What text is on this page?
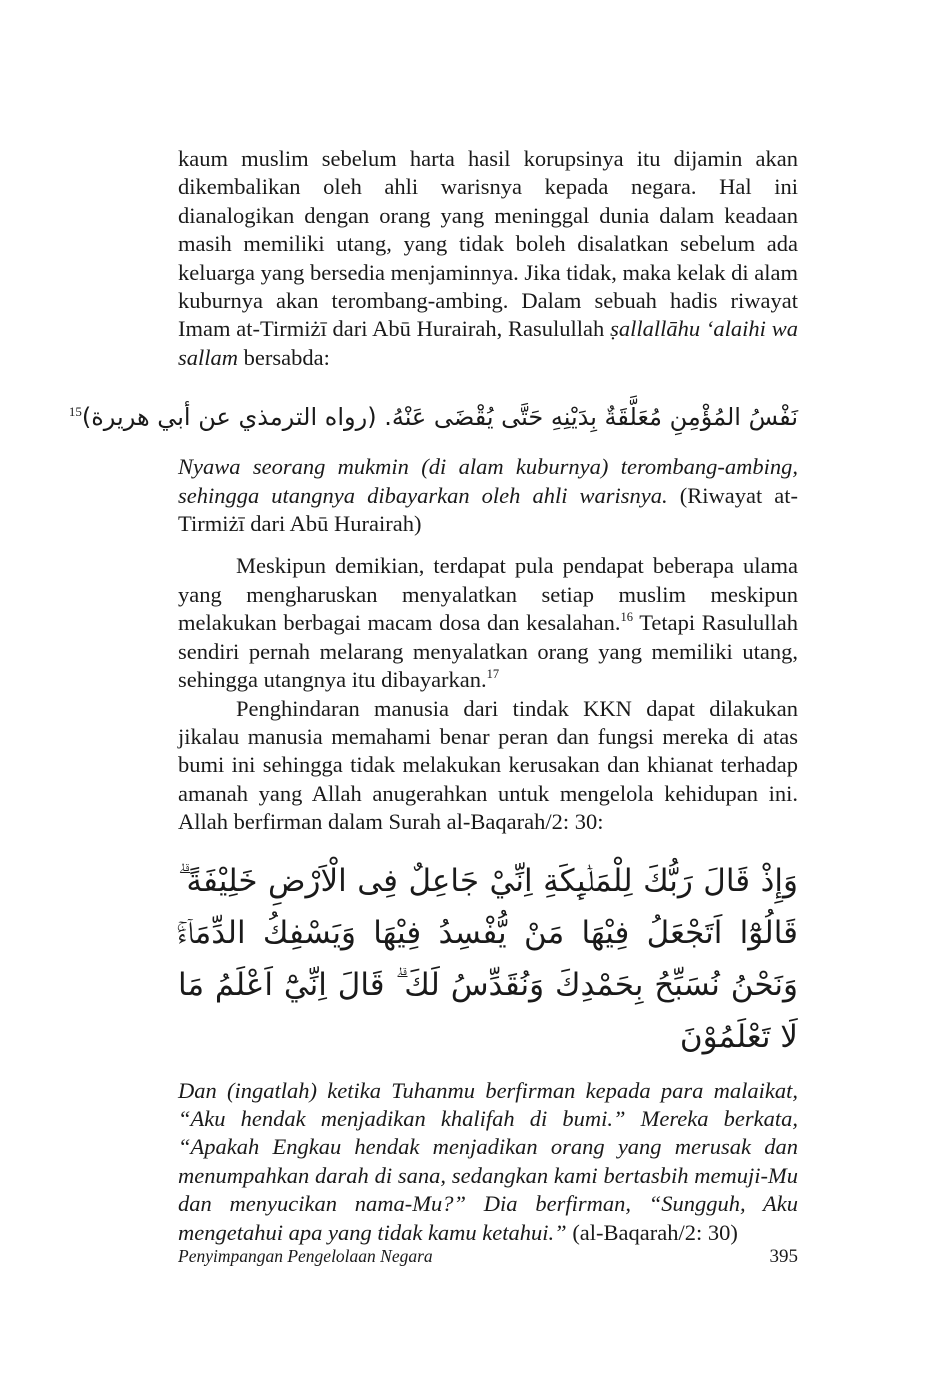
kaum muslim sebelum harta hasil korupsinya itu dijamin akan dikembalikan oleh ahli warisnya kepada negara. Hal ini dianalogikan dengan orang yang meninggal dunia dalam keadaan masih memiliki utang, yang tidak boleh disalatkan sebelum ada keluarga yang bersedia menjaminnya. Jika tidak, maka kelak di alam kuburnya akan terombang-ambing. Dalam sebuah hadis riwayat Imam at-Tirmiżī dari Abū Hurairah, Rasulullah ṣallallāhu ‘alaihi wa sallam bersabda:

نَفْسُ المُؤْمِنِ مُعَلَّقَةٌ بِدَيْنِهِ حَتَّى يُقْضَى عَنْهُ. (رواه الترمذي عن أبي هريرة)$^{15}$

Nyawa seorang mukmin (di alam kuburnya) terombang-ambing, sehingga utangnya dibayarkan oleh ahli warisnya. (Riwayat at-Tirmiżī dari Abū Hurairah)

Meskipun demikian, terdapat pula pendapat beberapa ulama yang mengharuskan menyalatkan setiap muslim meskipun melakukan berbagai macam dosa dan kesalahan.$^{16}$ Tetapi Rasulullah sendiri pernah melarang menyalatkan orang yang memiliki utang, sehingga utangnya itu dibayarkan.$^{17}$

Penghindaran manusia dari tindak KKN dapat dilakukan jikalau manusia memahami benar peran dan fungsi mereka di atas bumi ini sehingga tidak melakukan kerusakan dan khianat terhadap amanah yang Allah anugerahkan untuk mengelola kehidupan ini. Allah berfirman dalam Surah al-Baqarah/2: 30:

وَإِذْ قَالَ رَبُّكَ لِلْمَلٰۤىِٕكَةِ اِنِّيْ جَاعِلٌ فِى الْاَرْضِ خَلِيْفَةً ۗ قَالُوْٓا اَتَجْعَلُ فِيْهَا مَنْ يُّفْسِدُ فِيْهَا وَيَسْفِكُ الدِّمَاۤءَۚ وَنَحْنُ نُسَبِّحُ بِحَمْدِكَ وَنُقَدِّسُ لَكَ ۗ قَالَ اِنِّيْٓ اَعْلَمُ مَا لَا تَعْلَمُوْنَ

Dan (ingatlah) ketika Tuhanmu berfirman kepada para malaikat, “Aku hendak menjadikan khalifah di bumi.” Mereka berkata, “Apakah Engkau hendak menjadikan orang yang merusak dan menumpahkan darah di sana, sedangkan kami bertasbih memuji-Mu dan menyucikan nama-Mu?” Dia berfirman, “Sungguh, Aku mengetahui apa yang tidak kamu ketahui.” (al-Baqarah/2: 30)

Penyimpangan Pengelolaan Negara	395
